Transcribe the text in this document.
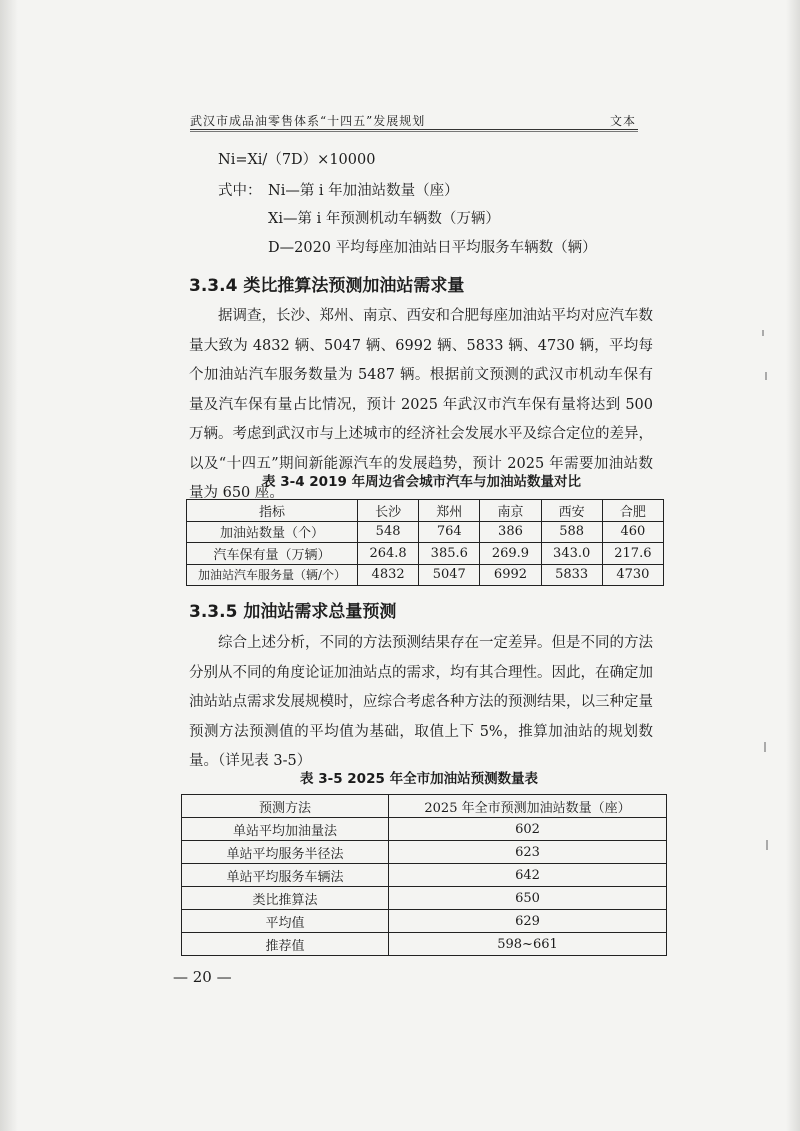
武汉市成品油零售体系“十四五”发展规划	文本
Ni=Xi/（7D）×10000
式中： Ni—第 i 年加油站数量（座）
Xi—第 i 年预测机动车辆数（万辆）
D—2020 平均每座加油站日平均服务车辆数（辆）
3.3.4 类比推算法预测加油站需求量
据调查，长沙、郑州、南京、西安和合肥每座加油站平均对应汽车数量大致为 4832 辆、5047 辆、6992 辆、5833 辆、4730 辆，平均每个加油站汽车服务数量为 5487 辆。根据前文预测的武汉市机动车保有量及汽车保有量占比情况，预计 2025 年武汉市汽车保有量将达到 500 万辆。考虑到武汉市与上述城市的经济社会发展水平及综合定位的差异，以及“十四五”期间新能源汽车的发展趋势，预计 2025 年需要加油站数量为 650 座。
表 3-4 2019 年周边省会城市汽车与加油站数量对比
指标	长沙	郑州	南京	西安	合肥
加油站数量（个）	548	764	386	588	460
汽车保有量（万辆）	264.8	385.6	269.9	343.0	217.6
加油站汽车服务量（辆/个）	4832	5047	6992	5833	4730
3.3.5 加油站需求总量预测
综合上述分析，不同的方法预测结果存在一定差异。但是不同的方法分别从不同的角度论证加油站点的需求，均有其合理性。因此，在确定加油站站点需求发展规模时，应综合考虑各种方法的预测结果，以三种定量预测方法预测值的平均值为基础，取值上下 5%，推算加油站的规划数量。（详见表 3-5）
表 3-5 2025 年全市加油站预测数量表
预测方法	2025 年全市预测加油站数量（座）
单站平均加油量法	602
单站平均服务半径法	623
单站平均服务车辆法	642
类比推算法	650
平均值	629
推荐值	598~661
— 20 —
